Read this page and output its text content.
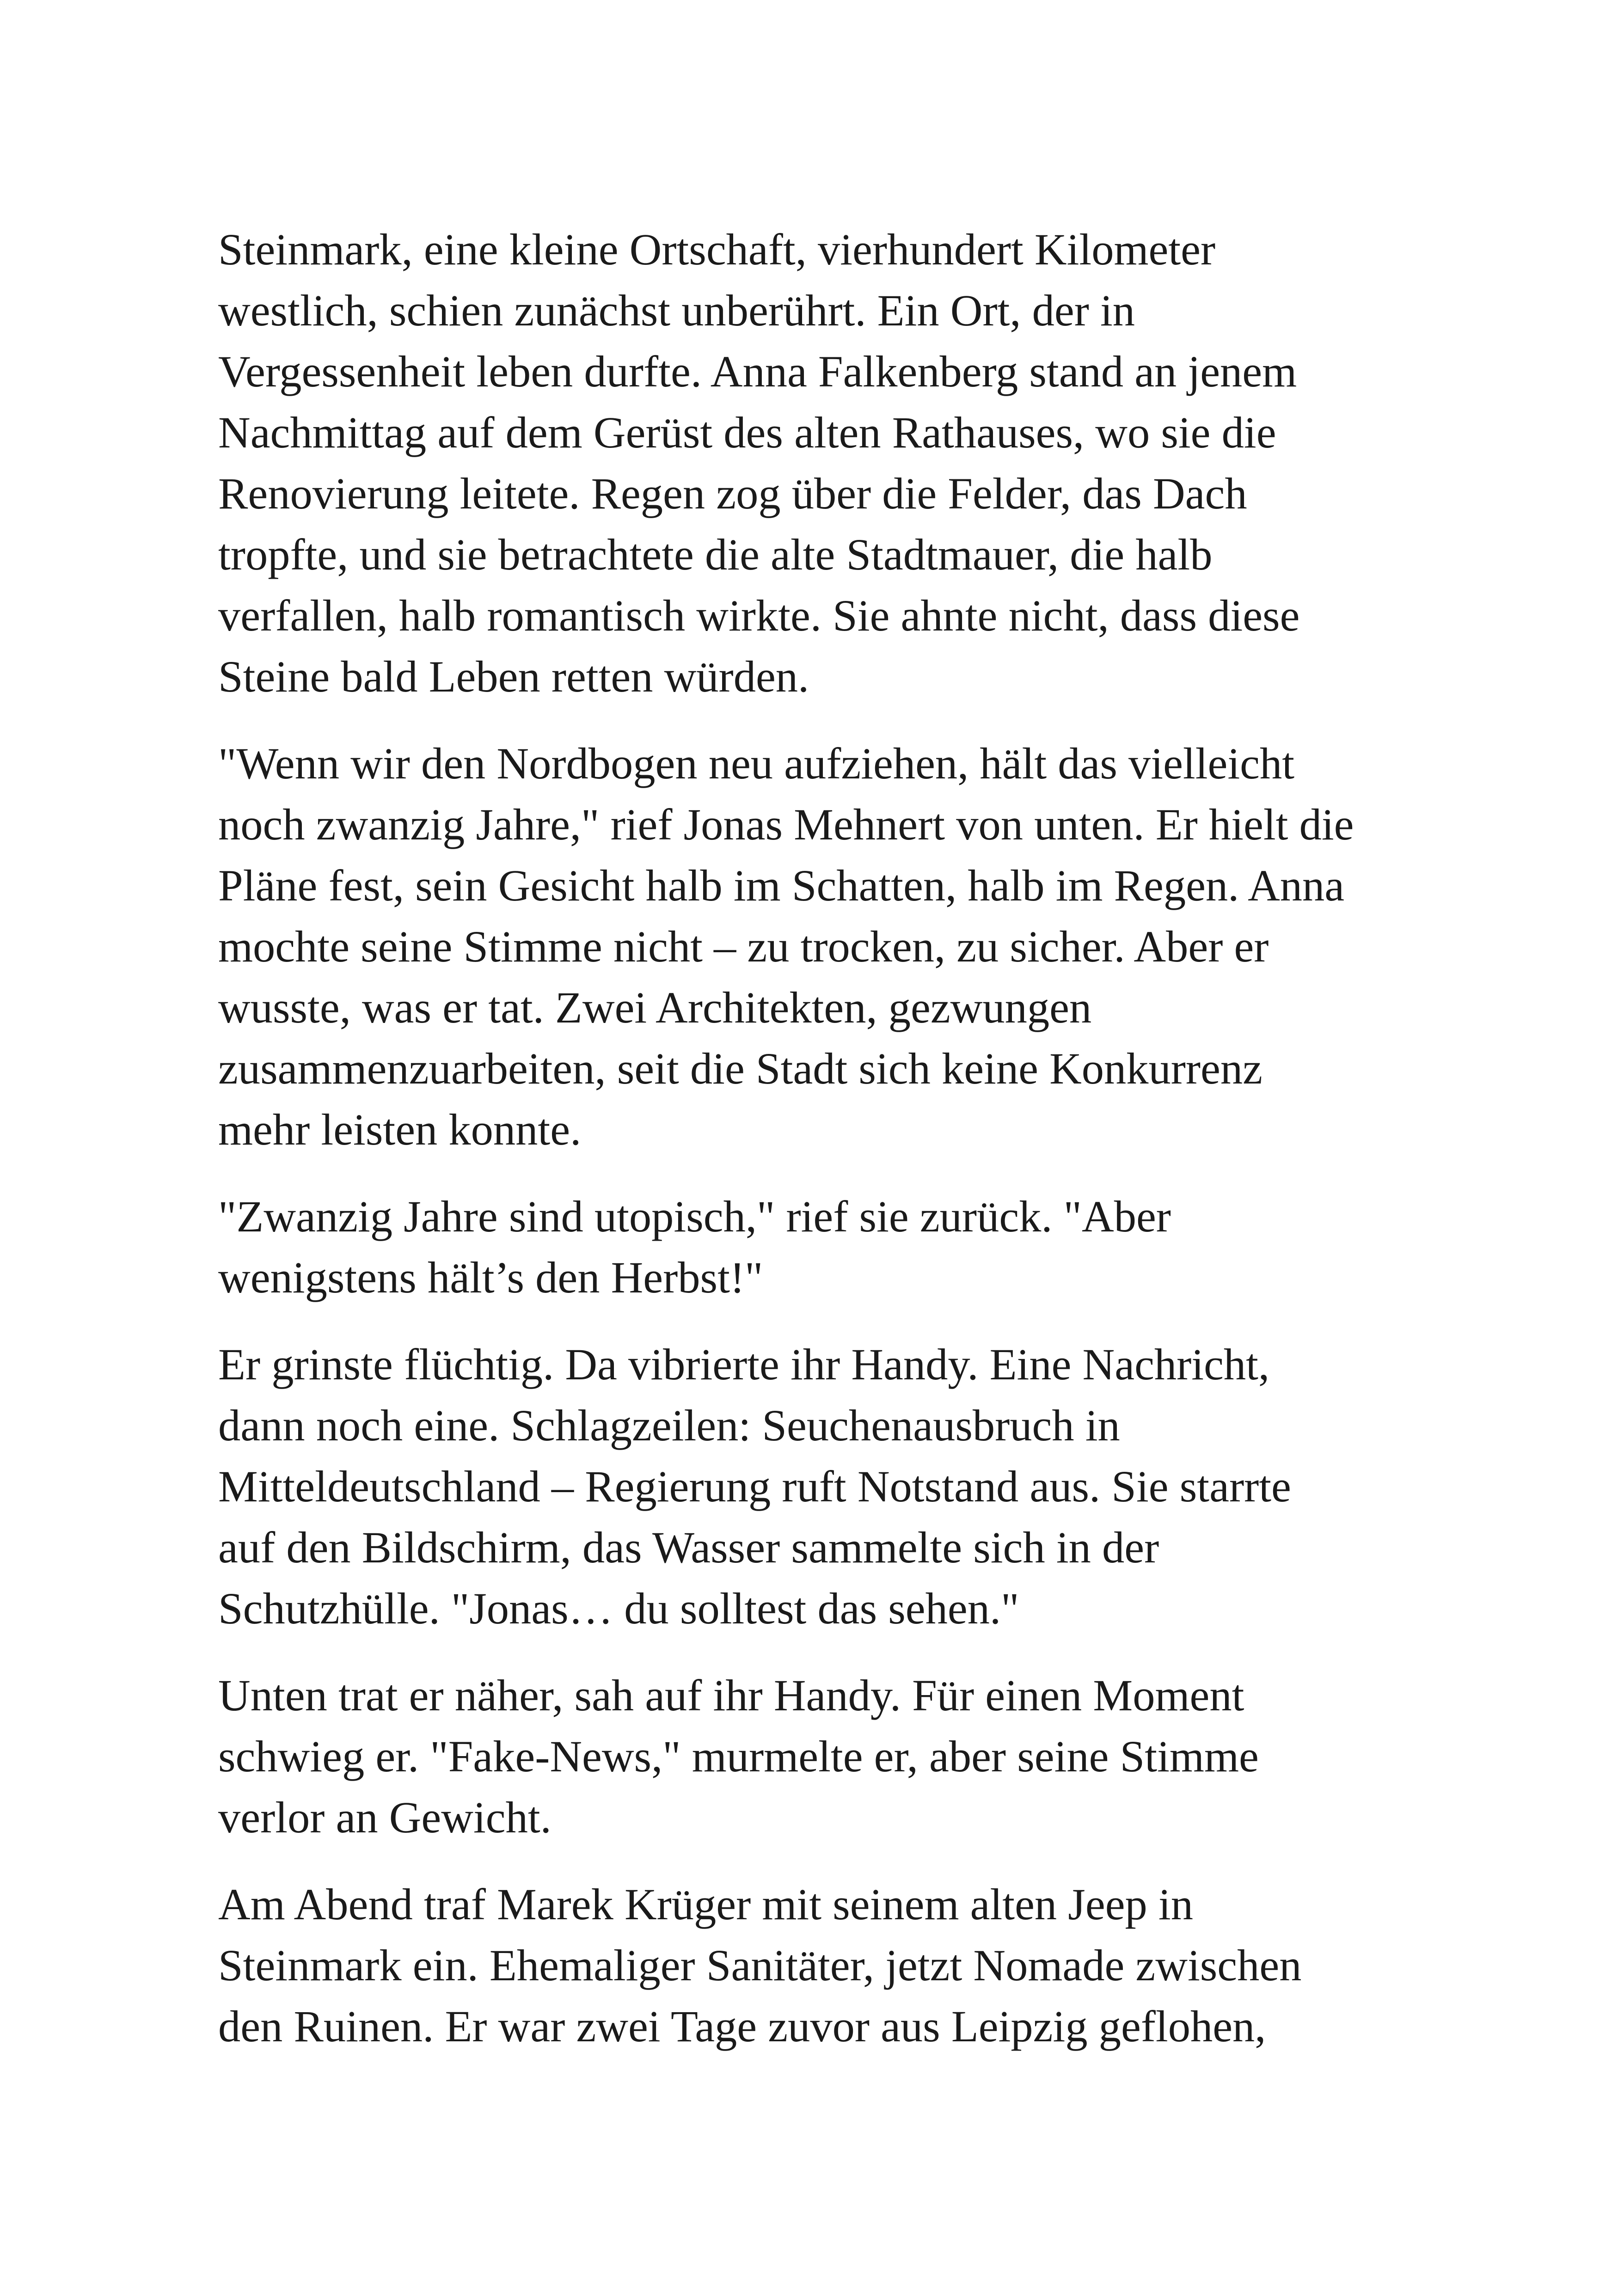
Steinmark, eine kleine Ortschaft, vierhundert Kilometer
westlich, schien zunächst unberührt. Ein Ort, der in
Vergessenheit leben durfte. Anna Falkenberg stand an jenem
Nachmittag auf dem Gerüst des alten Rathauses, wo sie die
Renovierung leitete. Regen zog über die Felder, das Dach
tropfte, und sie betrachtete die alte Stadtmauer, die halb
verfallen, halb romantisch wirkte. Sie ahnte nicht, dass diese
Steine bald Leben retten würden.

"Wenn wir den Nordbogen neu aufziehen, hält das vielleicht
noch zwanzig Jahre," rief Jonas Mehnert von unten. Er hielt die
Pläne fest, sein Gesicht halb im Schatten, halb im Regen. Anna
mochte seine Stimme nicht – zu trocken, zu sicher. Aber er
wusste, was er tat. Zwei Architekten, gezwungen
zusammenzuarbeiten, seit die Stadt sich keine Konkurrenz
mehr leisten konnte.

"Zwanzig Jahre sind utopisch," rief sie zurück. "Aber
wenigstens hält’s den Herbst!"

Er grinste flüchtig. Da vibrierte ihr Handy. Eine Nachricht,
dann noch eine. Schlagzeilen: Seuchenausbruch in
Mitteldeutschland – Regierung ruft Notstand aus. Sie starrte
auf den Bildschirm, das Wasser sammelte sich in der
Schutzhülle. "Jonas… du solltest das sehen."

Unten trat er näher, sah auf ihr Handy. Für einen Moment
schwieg er. "Fake-News," murmelte er, aber seine Stimme
verlor an Gewicht.

Am Abend traf Marek Krüger mit seinem alten Jeep in
Steinmark ein. Ehemaliger Sanitäter, jetzt Nomade zwischen
den Ruinen. Er war zwei Tage zuvor aus Leipzig geflohen,
